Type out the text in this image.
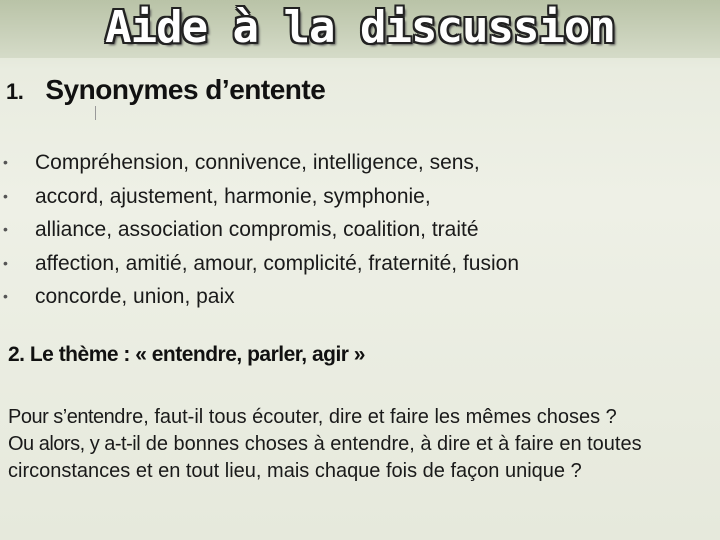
Aide à la discussion
1. Synonymes d’entente
• Compréhension, connivence, intelligence, sens,
• accord, ajustement, harmonie, symphonie,
• alliance, association compromis, coalition, traité
• affection, amitié, amour, complicité, fraternité, fusion
• concorde, union, paix
2. Le thème : « entendre, parler, agir »

Pour s’entendre, faut-il tous écouter, dire et faire les mêmes choses ?
Ou alors, y a-t-il de bonnes choses à entendre, à dire et à faire en toutes circonstances et en tout lieu, mais chaque fois de façon unique ?
